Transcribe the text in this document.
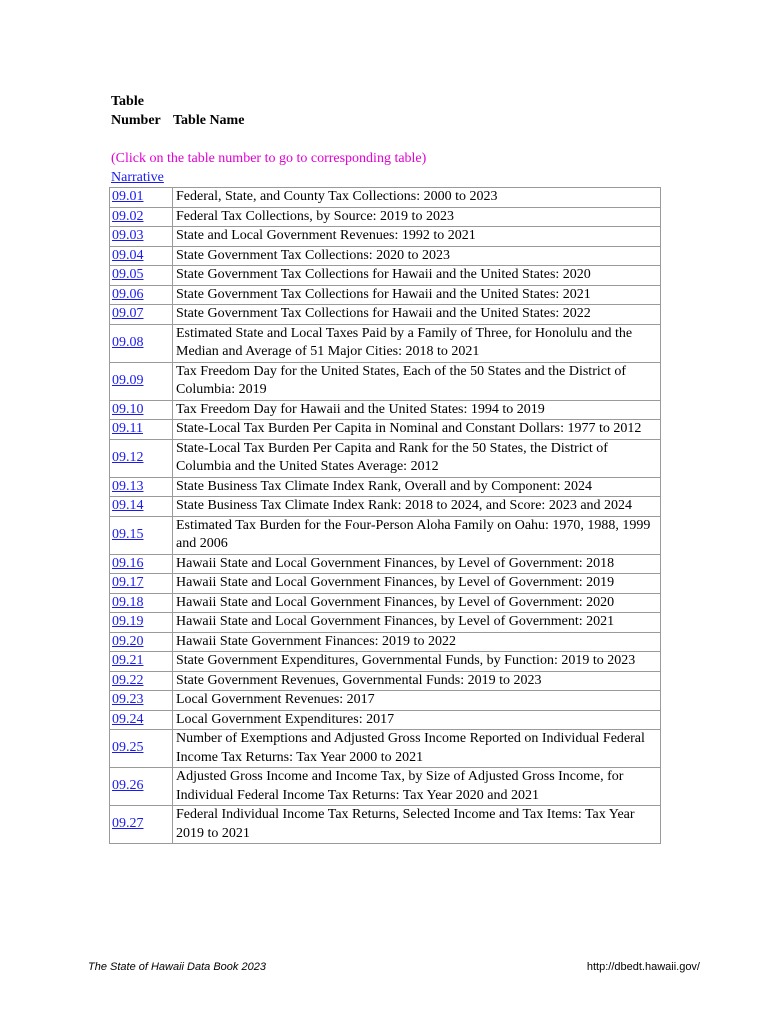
Table
Number Table Name
(Click on the table number to go to corresponding table)
Narrative
09.01	Federal, State, and County Tax Collections: 2000 to 2023
09.02	Federal Tax Collections, by Source: 2019 to 2023
09.03	State and Local Government Revenues: 1992 to 2021
09.04	State Government Tax Collections: 2020 to 2023
09.05	State Government Tax Collections for Hawaii and the United States: 2020
09.06	State Government Tax Collections for Hawaii and the United States: 2021
09.07	State Government Tax Collections for Hawaii and the United States: 2022
09.08	Estimated State and Local Taxes Paid by a Family of Three, for Honolulu and the Median and Average of 51 Major Cities: 2018 to 2021
09.09	Tax Freedom Day for the United States, Each of the 50 States and the District of Columbia: 2019
09.10	Tax Freedom Day for Hawaii and the United States: 1994 to 2019
09.11	State-Local Tax Burden Per Capita in Nominal and Constant Dollars: 1977 to 2012
09.12	State-Local Tax Burden Per Capita and Rank for the 50 States, the District of Columbia and the United States Average: 2012
09.13	State Business Tax Climate Index Rank, Overall and by Component: 2024
09.14	State Business Tax Climate Index Rank: 2018 to 2024, and Score: 2023 and 2024
09.15	Estimated Tax Burden for the Four-Person Aloha Family on Oahu: 1970, 1988, 1999 and 2006
09.16	Hawaii State and Local Government Finances, by Level of Government: 2018
09.17	Hawaii State and Local Government Finances, by Level of Government: 2019
09.18	Hawaii State and Local Government Finances, by Level of Government: 2020
09.19	Hawaii State and Local Government Finances, by Level of Government: 2021
09.20	Hawaii State Government Finances: 2019 to 2022
09.21	State Government Expenditures, Governmental Funds, by Function: 2019 to 2023
09.22	State Government Revenues, Governmental Funds: 2019 to 2023
09.23	Local Government Revenues: 2017
09.24	Local Government Expenditures: 2017
09.25	Number of Exemptions and Adjusted Gross Income Reported on Individual Federal Income Tax Returns: Tax Year 2000 to 2021
09.26	Adjusted Gross Income and Income Tax, by Size of Adjusted Gross Income, for Individual Federal Income Tax Returns: Tax Year 2020 and 2021
09.27	Federal Individual Income Tax Returns, Selected Income and Tax Items: Tax Year 2019 to 2021
The State of Hawaii Data Book 2023	http://dbedt.hawaii.gov/
